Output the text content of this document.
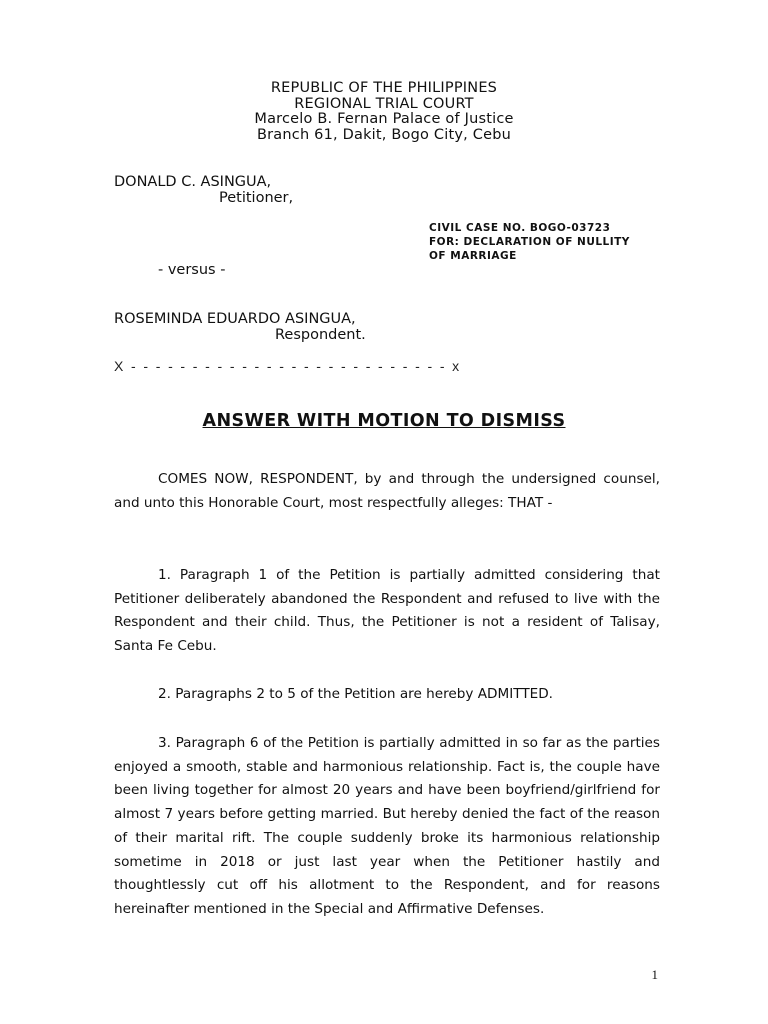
REPUBLIC OF THE PHILIPPINES
REGIONAL TRIAL COURT
Marcelo B. Fernan Palace of Justice
Branch 61, Dakit, Bogo City, Cebu
DONALD C. ASINGUA,
Petitioner,
CIVIL CASE NO. BOGO-03723
FOR: DECLARATION OF NULLITY
OF MARRIAGE
- versus -
ROSEMINDA EDUARDO ASINGUA,
Respondent.
X - - - - - - - - - - - - - - - - - - - - - - - - - - x
ANSWER WITH MOTION TO DISMISS
COMES NOW, RESPONDENT, by and through the undersigned counsel, and unto this Honorable Court, most respectfully alleges: THAT -
1. Paragraph 1 of the Petition is partially admitted considering that Petitioner deliberately abandoned the Respondent and refused to live with the Respondent and their child. Thus, the Petitioner is not a resident of Talisay, Santa Fe Cebu.
2. Paragraphs 2 to 5 of the Petition are hereby ADMITTED.
3. Paragraph 6 of the Petition is partially admitted in so far as the parties enjoyed a smooth, stable and harmonious relationship. Fact is, the couple have been living together for almost 20 years and have been boyfriend/girlfriend for almost 7 years before getting married. But hereby denied the fact of the reason of their marital rift. The couple suddenly broke its harmonious relationship sometime in 2018 or just last year when the Petitioner hastily and thoughtlessly cut off his allotment to the Respondent, and for reasons hereinafter mentioned in the Special and Affirmative Defenses.
1
